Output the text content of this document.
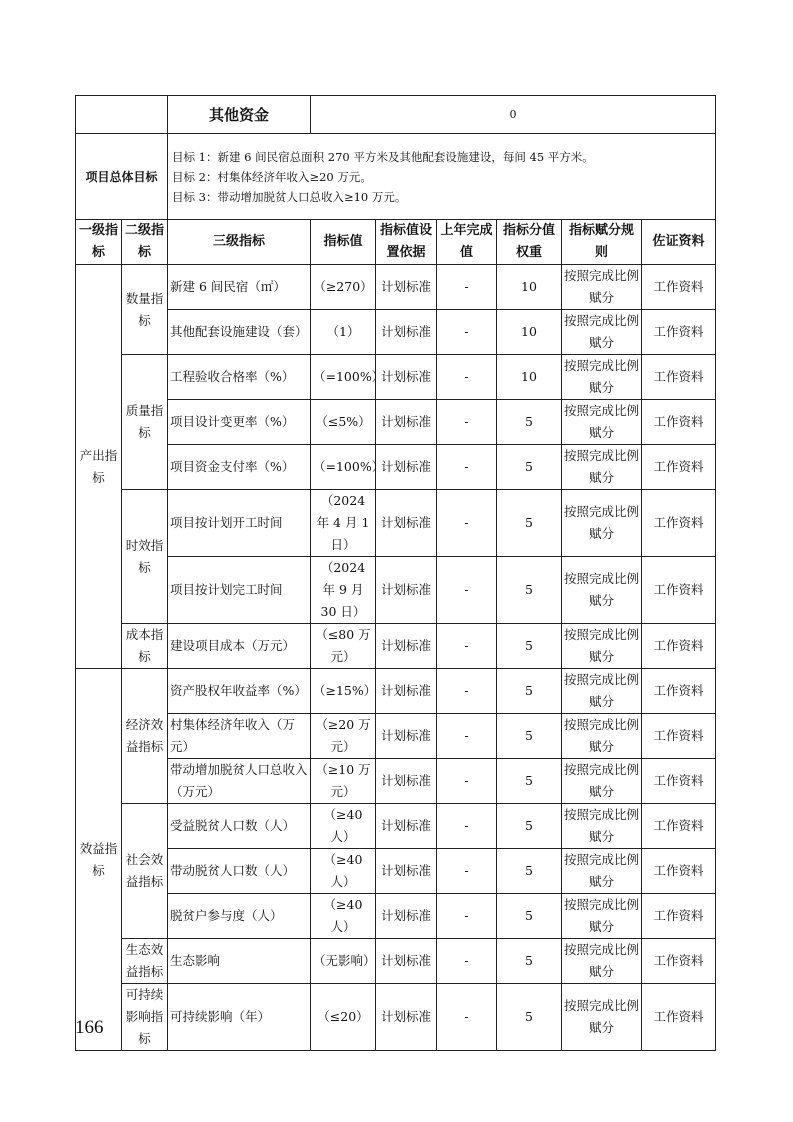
		其他资金	0					
项目总体目标		目标 1：新建 6 间民宿总面积 270 平方米及其他配套设施建设，每间 45 平方米。
目标 2：村集体经济年收入≥20 万元。
目标 3：带动增加脱贫人口总收入≥10 万元。						

一级指标	二级指标	三级指标	指标值	指标值设置依据	上年完成值	指标分值权重	指标赋分规则	佐证资料
产出指标	数量指标	新建 6 间民宿（㎡）	（≥270）	计划标准	-	10	按照完成比例赋分	工作资料
		其他配套设施建设（套）	（1）	计划标准	-	10	按照完成比例赋分	工作资料
	质量指标	工程验收合格率（%）	（=100%）	计划标准	-	10	按照完成比例赋分	工作资料
		项目设计变更率（%）	（≤5%）	计划标准	-	5	按照完成比例赋分	工作资料
		项目资金支付率（%）	（=100%）	计划标准	-	5	按照完成比例赋分	工作资料
	时效指标	项目按计划开工时间	（2024 年 4 月 1 日）	计划标准	-	5	按照完成比例赋分	工作资料
		项目按计划完工时间	（2024 年 9 月 30 日）	计划标准	-	5	按照完成比例赋分	工作资料
	成本指标	建设项目成本（万元）	（≤80 万元）	计划标准	-	5	按照完成比例赋分	工作资料
效益指标	经济效益指标	资产股权年收益率（%）	（≥15%）	计划标准	-	5	按照完成比例赋分	工作资料
		村集体经济年收入（万元）	（≥20 万元）	计划标准	-	5	按照完成比例赋分	工作资料
		带动增加脱贫人口总收入（万元）	（≥10 万元）	计划标准	-	5	按照完成比例赋分	工作资料
	社会效益指标	受益脱贫人口数（人）	（≥40 人）	计划标准	-	5	按照完成比例赋分	工作资料
		带动脱贫人口数（人）	（≥40 人）	计划标准	-	5	按照完成比例赋分	工作资料
		脱贫户参与度（人）	（≥40 人）	计划标准	-	5	按照完成比例赋分	工作资料
	生态效益指标	生态影响	（无影响）	计划标准	-	5	按照完成比例赋分	工作资料
	可持续影响指标	可持续影响（年）	（≤20）	计划标准	-	5	按照完成比例赋分	工作资料
166
